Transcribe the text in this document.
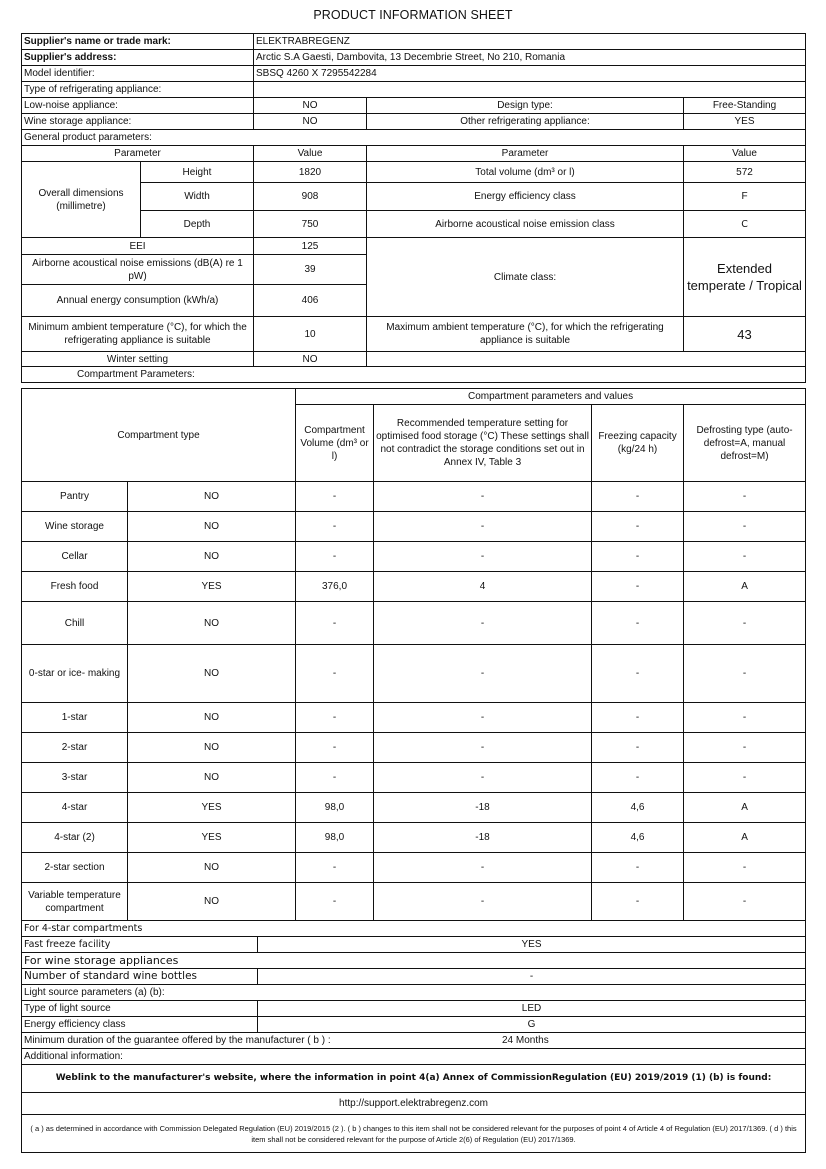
PRODUCT INFORMATION SHEET
Supplier's name or trade mark:		ELEKTRABREGENZ		
Supplier's address:		Arctic S.A Gaesti, Dambovita, 13 Decembrie Street, No 210, Romania		
Model identifier:		SBSQ 4260 X 7295542284		
Type of refrigerating appliance:				
Low-noise appliance:		NO	Design type:	Free-Standing
Wine storage appliance:		NO	Other refrigerating appliance:	YES
General product parameters:				
Parameter		Value	Parameter	Value
Overall dimensions (millimetre)	Height	1820	Total volume (dm³ or l)	572
	Width	908	Energy efficiency class	F
	Depth	750	Airborne acoustical noise emission class	C
EEI		125	Climate class:	Extended temperate / Tropical
Airborne acoustical noise emissions (dB(A) re 1 pW)		39		
Annual energy consumption (kWh/a)		406		
Minimum ambient temperature (°C), for which the refrigerating appliance is suitable		10	Maximum ambient temperature (°C), for which the refrigerating appliance is suitable	43
Winter setting		NO		
Compartment Parameters:				
Compartment type		Compartment parameters and values			
		Compartment Volume (dm³ or l)	Recommended temperature setting for optimised food storage (°C) These settings shall not contradict the storage conditions set out in Annex IV, Table 3	Freezing capacity (kg/24 h)	Defrosting type (auto-defrost=A, manual defrost=M)
Pantry	NO	-	-	-	-
Wine storage	NO	-	-	-	-
Cellar	NO	-	-	-	-
Fresh food	YES	376,0	4	-	A
Chill	NO	-	-	-	-
0-star or ice- making	NO	-	-	-	-
1-star	NO	-	-	-	-
2-star	NO	-	-	-	-
3-star	NO	-	-	-	-
4-star	YES	98,0	-18	4,6	A
4-star (2)	YES	98,0	-18	4,6	A
2-star section	NO	-	-	-	-
Variable temperature compartment	NO	-	-	-	-
For 4-star compartments	
Fast freeze facility	YES
For wine storage appliances	
Number of standard wine bottles	-
Light source parameters (a) (b):	
Type of light source	LED
Energy efficiency class	G
Minimum duration of the guarantee offered by the manufacturer ( b ) : 24 Months	

Additional information:	
Weblink to the manufacturer's website, where the information in point 4(a) Annex of CommissionRegulation (EU) 2019/2019 (1) (b) is found:	
http://support.elektrabregenz.com	
( a ) as determined in accordance with Commission Delegated Regulation (EU) 2019/2015 (2 ). ( b ) changes to this item shall not be considered relevant for the purposes of point 4 of Article 4 of Regulation (EU) 2017/1369. ( d ) this item shall not be considered relevant for the purpose of Article 2(6) of Regulation (EU) 2017/1369.	
